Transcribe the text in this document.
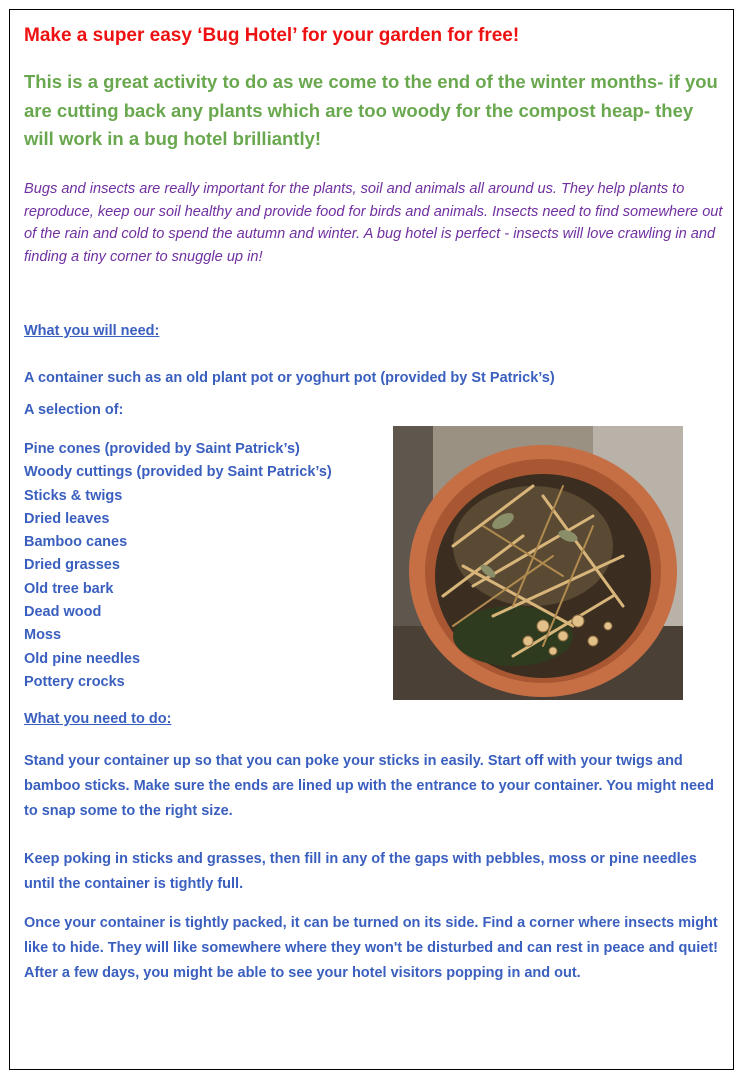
Make a super easy ‘Bug Hotel’ for your garden for free!
This is a great activity to do as we come to the end of the winter months- if you are cutting back any plants which are too woody for the compost heap- they will work in a bug hotel brilliantly!
Bugs and insects are really important for the plants, soil and animals all around us. They help plants to reproduce, keep our soil healthy and provide food for birds and animals. Insects need to find somewhere out of the rain and cold to spend the autumn and winter. A bug hotel is perfect - insects will love crawling in and finding a tiny corner to snuggle up in!
What you will need:
A container such as an old plant pot or yoghurt pot (provided by St Patrick’s)
A selection of:
Pine cones (provided by Saint Patrick’s)
Woody cuttings (provided by Saint Patrick’s)
Sticks & twigs
Dried leaves
Bamboo canes
Dried grasses
Old tree bark
Dead wood
Moss
Old pine needles
Pottery crocks
What you need to do:
Stand your container up so that you can poke your sticks in easily. Start off with your twigs and bamboo sticks. Make sure the ends are lined up with the entrance to your container. You might need to snap some to the right size.
Keep poking in sticks and grasses, then fill in any of the gaps with pebbles, moss or pine needles until the container is tightly full.
Once your container is tightly packed, it can be turned on its side. Find a corner where insects might like to hide. They will like somewhere where they won't be disturbed and can rest in peace and quiet! After a few days, you might be able to see your hotel visitors popping in and out.
